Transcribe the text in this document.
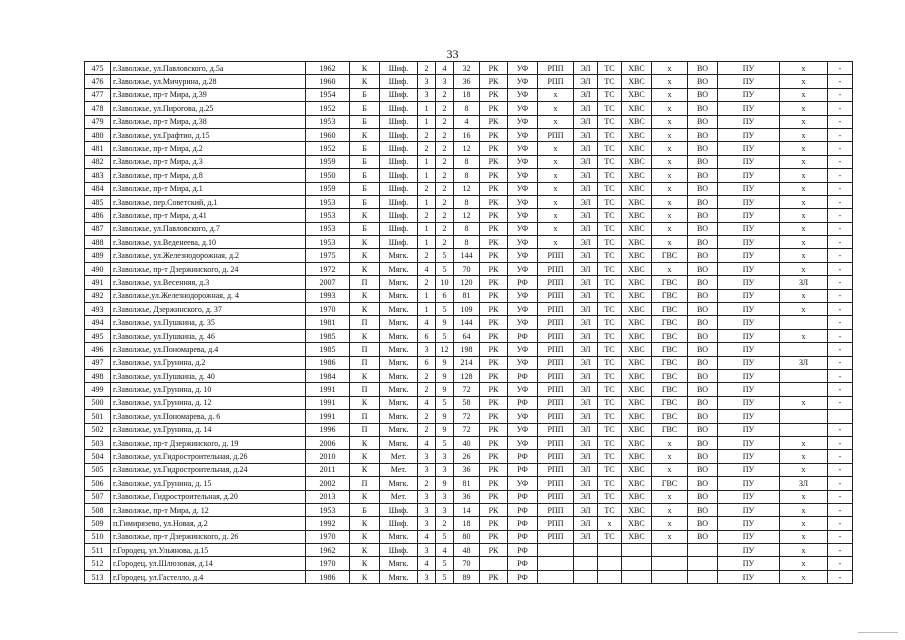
33
475	г.Заволжье, ул.Павловского, д.5а	1962	К	Шиф.	2	4	32	РК	УФ	РПП	ЭЛ	ТС	ХВС	х	ВО	ПУ	х	-
476	г.Заволжье, ул.Мичурина, д.28	1960	К	Шиф.	3	3	36	РК	УФ	РПП	ЭЛ	ТС	ХВС	х	ВО	ПУ	х	-
477	г.Заволжье, пр-т Мира, д.39	1954	Б	Шиф.	3	2	18	РК	УФ	х	ЭЛ	ТС	ХВС	х	ВО	ПУ	х	-
478	г.Заволжье, ул.Пирогова, д.25	1952	Б	Шиф.	1	2	8	РК	УФ	х	ЭЛ	ТС	ХВС	х	ВО	ПУ	х	-
479	г.Заволжье, пр-т Мира, д.38	1953	Б	Шиф.	1	2	4	РК	УФ	х	ЭЛ	ТС	ХВС	х	ВО	ПУ	х	-
480	г.Заволжье, ул.Графтио, д.15	1960	К	Шиф.	2	2	16	РК	УФ	РПП	ЭЛ	ТС	ХВС	х	ВО	ПУ	х	-
481	г.Заволжье, пр-т Мира, д.2	1952	Б	Шиф.	2	2	12	РК	УФ	х	ЭЛ	ТС	ХВС	х	ВО	ПУ	х	-
482	г.Заволжье, пр-т Мира, д.3	1959	Б	Шиф.	1	2	8	РК	УФ	х	ЭЛ	ТС	ХВС	х	ВО	ПУ	х	-
483	г.Заволжье, пр-т Мира, д.8	1950	Б	Шиф.	1	2	8	РК	УФ	х	ЭЛ	ТС	ХВС	х	ВО	ПУ	х	-
484	г.Заволжье, пр-т Мира, д.1	1959	Б	Шиф.	2	2	12	РК	УФ	х	ЭЛ	ТС	ХВС	х	ВО	ПУ	х	-
485	г.Заволжье, пер.Советский, д.1	1953	Б	Шиф.	1	2	8	РК	УФ	х	ЭЛ	ТС	ХВС	х	ВО	ПУ	х	-
486	г.Заволжье, пр-т Мира, д.41	1953	К	Шиф.	2	2	12	РК	УФ	х	ЭЛ	ТС	ХВС	х	ВО	ПУ	х	-
487	г.Заволжье, ул.Павловского, д.7	1953	Б	Шиф.	1	2	8	РК	УФ	х	ЭЛ	ТС	ХВС	х	ВО	ПУ	х	-
488	г.Заволжье, ул.Веденеева, д.10	1953	К	Шиф.	1	2	8	РК	УФ	х	ЭЛ	ТС	ХВС	х	ВО	ПУ	х	-
489	г.Заволжье, ул.Железнодорожная, д.2	1975	К	Мягк.	2	5	144	РК	УФ	РПП	ЭЛ	ТС	ХВС	ГВС	ВО	ПУ	х	-
490	г.Заволжье, пр-т Дзержинского, д. 24	1972	К	Мягк.	4	5	70	РК	УФ	РПП	ЭЛ	ТС	ХВС	х	ВО	ПУ	х	-
491	г.Заволжье, ул.Весенняя, д.3	2007	П	Мягк.	2	10	120	РК	РФ	РПП	ЭЛ	ТС	ХВС	ГВС	ВО	ПУ	ЗЛ	-
492	г.Заволжье,ул.Железнодорожная, д. 4	1993	К	Мягк.	1	6	81	РК	УФ	РПП	ЭЛ	ТС	ХВС	ГВС	ВО	ПУ	х	-
493	г.Заволжье, Дзержинского, д. 37	1970	К	Мягк.	1	5	109	РК	УФ	РПП	ЭЛ	ТС	ХВС	ГВС	ВО	ПУ	х	-
494	г.Заволжье, ул.Пушкина, д. 35	1981	П	Мягк.	4	9	144	РК	УФ	РПП	ЭЛ	ТС	ХВС	ГВС	ВО	ПУ		-
495	г.Заволжье, ул.Пушкина, д. 46	1985	К	Мягк.	6	5	64	РК	РФ	РПП	ЭЛ	ТС	ХВС	ГВС	ВО	ПУ	х	-
496	г.Заволжье, ул.Пономарева, д.4	1985	П	Мягк.	3	12	198	РК	УФ	РПП	ЭЛ	ТС	ХВС	ГВС	ВО	ПУ		-
497	г.Заволжье, ул.Грунина, д.2	1986	П	Мягк.	6	9	214	РК	УФ	РПП	ЭЛ	ТС	ХВС	ГВС	ВО	ПУ	ЗЛ	-
498	г.Заволжье, ул.Пушкина, д. 40	1984	К	Мягк.	2	9	128	РК	РФ	РПП	ЭЛ	ТС	ХВС	ГВС	ВО	ПУ		-
499	г.Заволжье, ул.Грунина, д. 10	1991	П	Мягк.	2	9	72	РК	УФ	РПП	ЭЛ	ТС	ХВС	ГВС	ВО	ПУ		-
500	г.Заволжье, ул.Грунина, д. 12	1991	К	Мягк.	4	5	58	РК	РФ	РПП	ЭЛ	ТС	ХВС	ГВС	ВО	ПУ	х	-
501	г.Заволжье, ул.Пономарева, д. 6	1991	П	Мягк.	2	9	72	РК	УФ	РПП	ЭЛ	ТС	ХВС	ГВС	ВО	ПУ		
502	г.Заволжье, ул.Грунина, д. 14	1996	П	Мягк.	2	9	72	РК	УФ	РПП	ЭЛ	ТС	ХВС	ГВС	ВО	ПУ		-
503	г.Заволжье, пр-т Дзержинского, д. 19	2006	К	Мягк.	4	5	40	РК	УФ	РПП	ЭЛ	ТС	ХВС	х	ВО	ПУ	х	-
504	г.Заволжье, ул.Гидростроительная, д.26	2010	К	Мет.	3	3	26	РК	РФ	РПП	ЭЛ	ТС	ХВС	х	ВО	ПУ	х	-
505	г.Заволжье, ул.Гидростроительная, д.24	2011	К	Мет.	3	3	36	РК	РФ	РПП	ЭЛ	ТС	ХВС	х	ВО	ПУ	х	-
506	г.Заволжье, ул.Грунина, д. 15	2002	П	Мягк.	2	9	81	РК	УФ	РПП	ЭЛ	ТС	ХВС	ГВС	ВО	ПУ	ЗЛ	-
507	г.Заволжье, Гидростроительная, д.20	2013	К	Мет.	3	3	36	РК	РФ	РПП	ЭЛ	ТС	ХВС	х	ВО	ПУ	х	-
508	г.Заволжье, пр-т Мира, д. 12	1953	Б	Шиф.	3	3	14	РК	РФ	РПП	ЭЛ	ТС	ХВС	х	ВО	ПУ	х	-
509	п.Гимирязево, ул.Новая, д.2	1992	К	Шиф.	3	2	18	РК	РФ	РПП	ЭЛ	х	ХВС	х	ВО	ПУ	х	-
510	г.Заволжье, пр-т Дзержинского, д. 26	1970	К	Мягк.	4	5	80	РК	РФ	РПП	ЭЛ	ТС	ХВС	х	ВО	ПУ	х	-
511	г.Городец, ул.Ульянова, д.15	1962	К	Шиф.	3	4	48	РК	РФ							ПУ	х	-
512	г.Городец, ул.Шлюзовая, д.14	1970	К	Мягк.	4	5	70		РФ							ПУ	х	-
513	г.Городец, ул.Гастелло, д.4	1986	К	Мягк.	3	5	89	РК	РФ							ПУ	х	-
